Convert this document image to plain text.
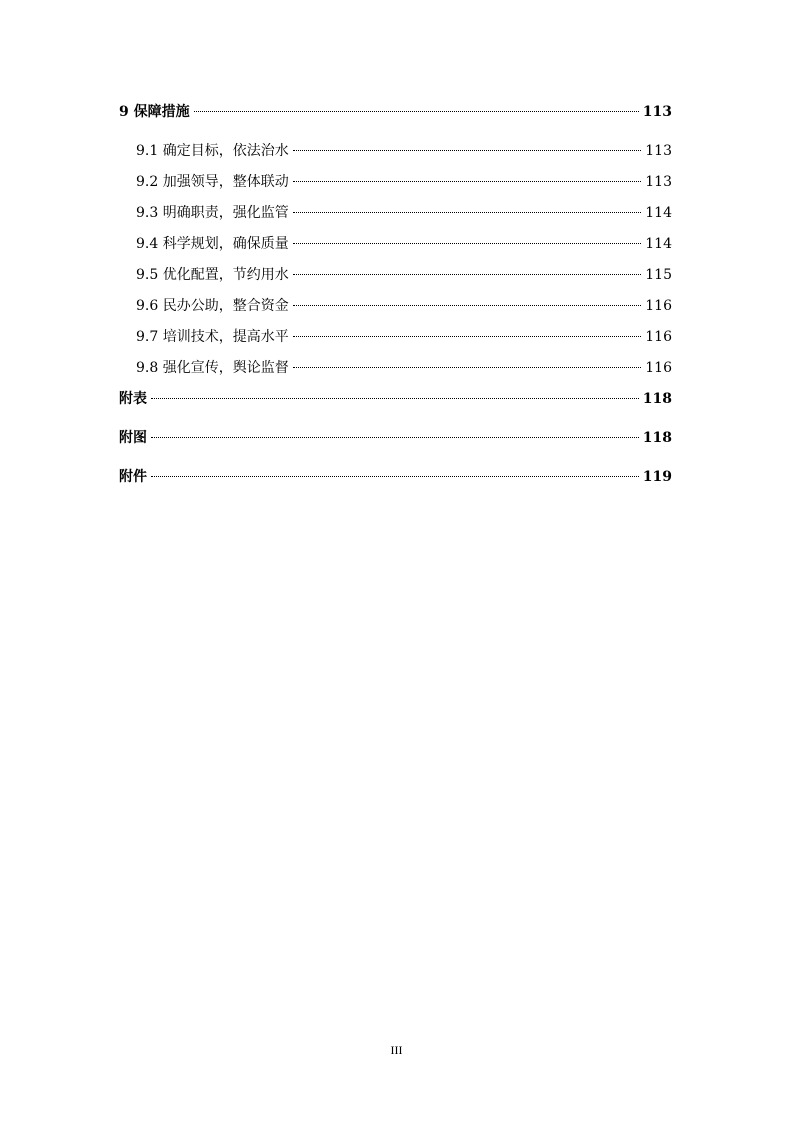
9 保障措施	113
9.1 确定目标，依法治水	113
9.2 加强领导，整体联动	113
9.3 明确职责，强化监管	114
9.4 科学规划，确保质量	114
9.5 优化配置，节约用水	115
9.6 民办公助，整合资金	116
9.7 培训技术，提高水平	116
9.8 强化宣传，舆论监督	116
附表	118
附图	118
附件	119
III
